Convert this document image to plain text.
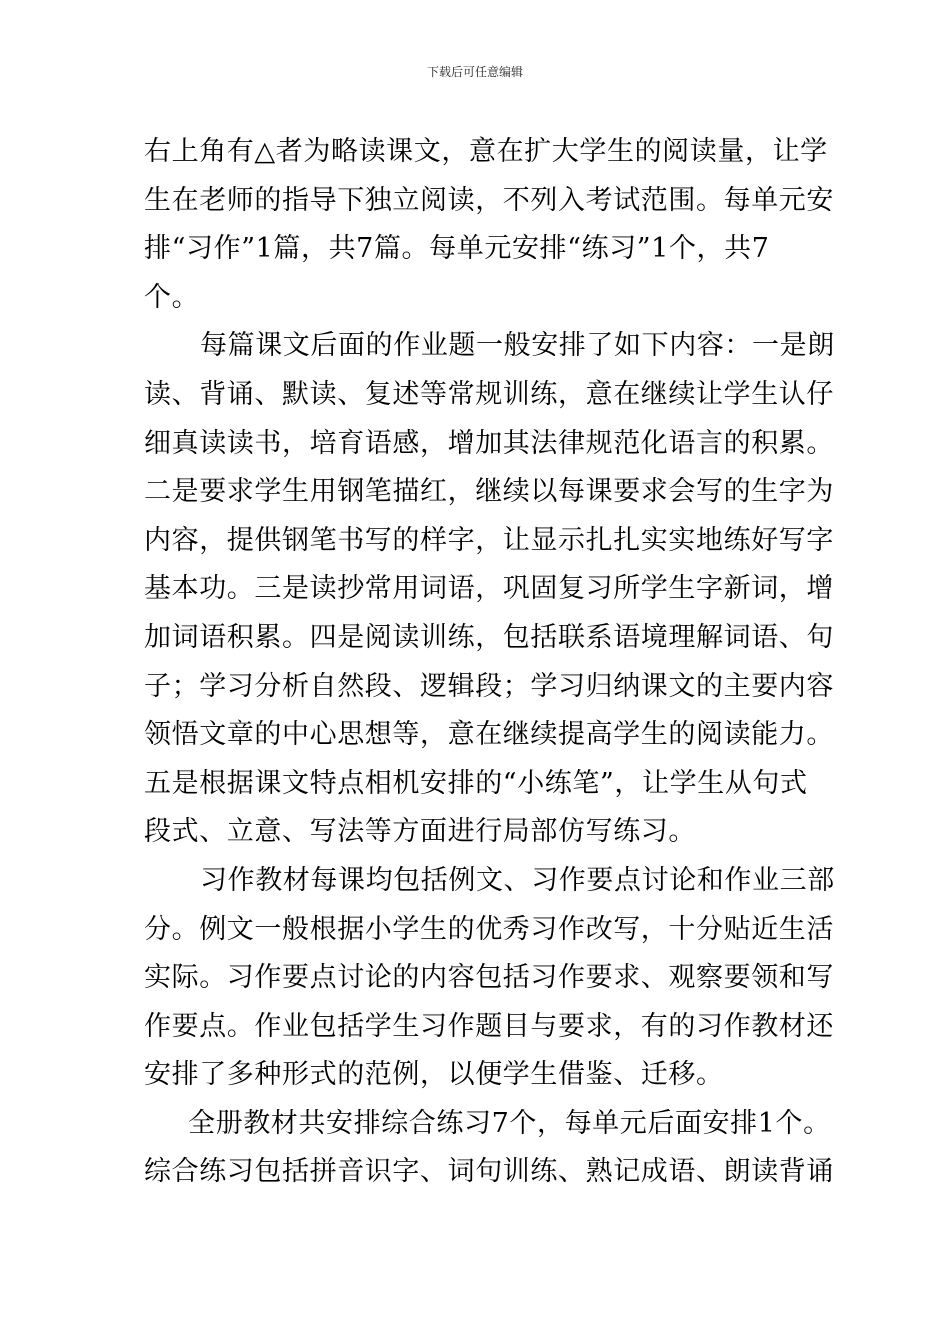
下载后可任意编辑
右上角有△者为略读课文，意在扩大学生的阅读量，让学
生在老师的指导下独立阅读，不列入考试范围。每单元安
排“习作”1篇，共7篇。每单元安排“练习”1个，共7
个。
每篇课文后面的作业题一般安排了如下内容：一是朗
读、背诵、默读、复述等常规训练，意在继续让学生认仔
细真读读书，培育语感，增加其法律规范化语言的积累。
二是要求学生用钢笔描红，继续以每课要求会写的生字为
内容，提供钢笔书写的样字，让显示扎扎实实地练好写字
基本功。三是读抄常用词语，巩固复习所学生字新词，增
加词语积累。四是阅读训练，包括联系语境理解词语、句
子；学习分析自然段、逻辑段；学习归纳课文的主要内容
领悟文章的中心思想等，意在继续提高学生的阅读能力。
五是根据课文特点相机安排的“小练笔”，让学生从句式
段式、立意、写法等方面进行局部仿写练习。
习作教材每课均包括例文、习作要点讨论和作业三部
分。例文一般根据小学生的优秀习作改写，十分贴近生活
实际。习作要点讨论的内容包括习作要求、观察要领和写
作要点。作业包括学生习作题目与要求，有的习作教材还
安排了多种形式的范例，以便学生借鉴、迁移。
全册教材共安排综合练习7个，每单元后面安排1个。
综合练习包括拼音识字、词句训练、熟记成语、朗读背诵
